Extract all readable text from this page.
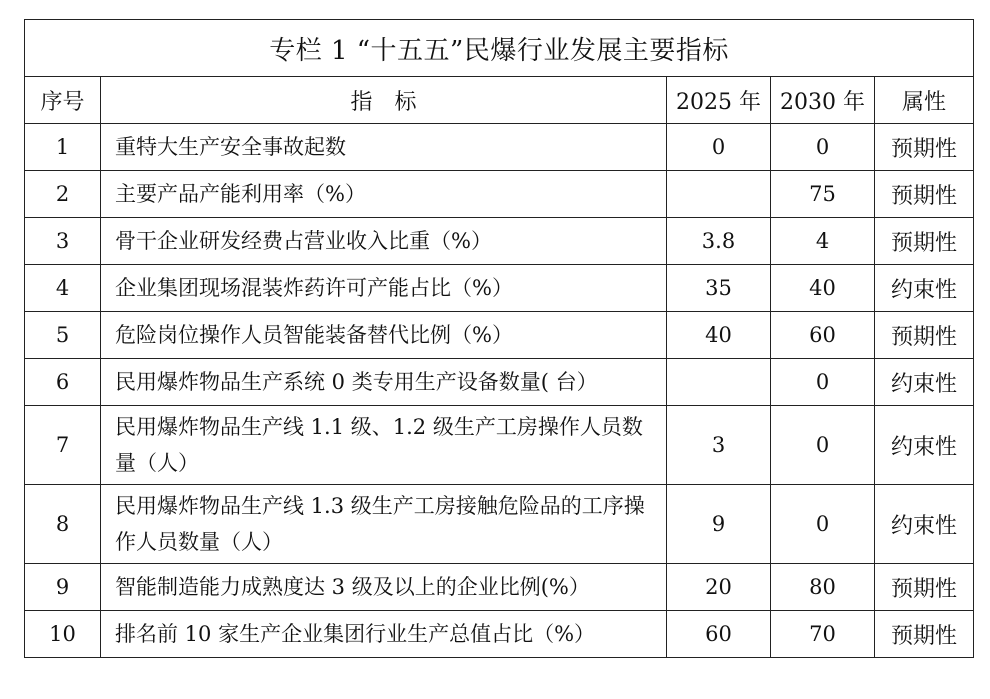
专栏 1 “十五五”民爆行业发展主要指标				
序号	指　标	2025 年	2030 年	属性
1	重特大生产安全事故起数	0	0	预期性
2	主要产品产能利用率（%）		75	预期性
3	骨干企业研发经费占营业收入比重（%）	3.8	4	预期性
4	企业集团现场混装炸药许可产能占比（%）	35	40	约束性
5	危险岗位操作人员智能装备替代比例（%）	40	60	预期性
6	民用爆炸物品生产系统 0 类专用生产设备数量( 台）		0	约束性
7	民用爆炸物品生产线 1.1 级、1.2 级生产工房操作人员数量（人）	3	0	约束性
8	民用爆炸物品生产线 1.3 级生产工房接触危险品的工序操作人员数量（人）	9	0	约束性
9	智能制造能力成熟度达 3 级及以上的企业比例(%）	20	80	预期性
10	排名前 10 家生产企业集团行业生产总值占比（%）	60	70	预期性
